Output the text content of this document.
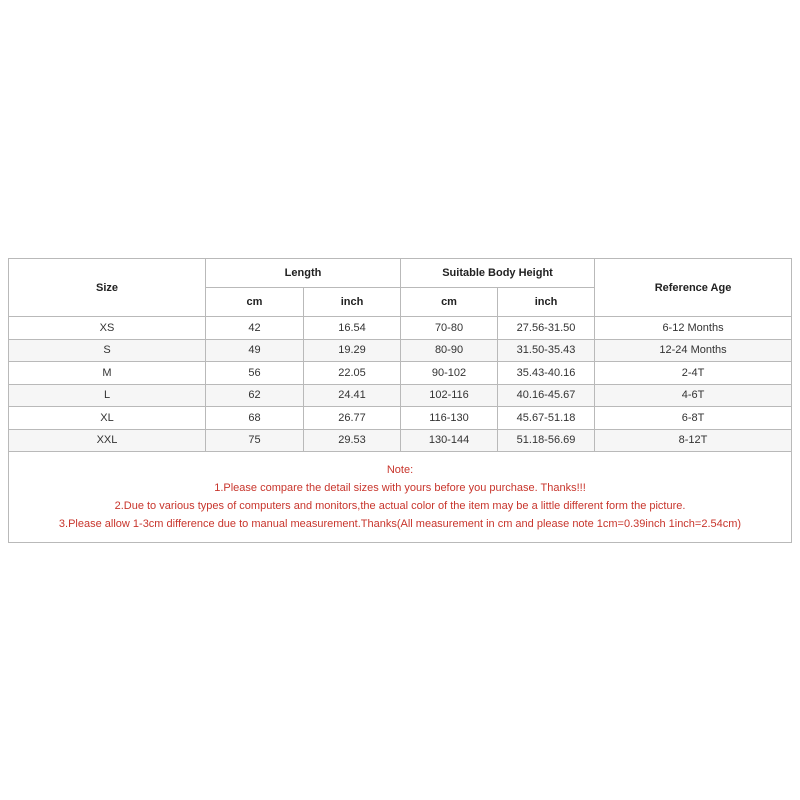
Size	Length		Suitable Body Height		Reference Age
	cm	inch	cm	inch	
XS	42	16.54	70-80	27.56-31.50	6-12 Months
S	49	19.29	80-90	31.50-35.43	12-24 Months
M	56	22.05	90-102	35.43-40.16	2-4T
L	62	24.41	102-116	40.16-45.67	4-6T
XL	68	26.77	116-130	45.67-51.18	6-8T
XXL	75	29.53	130-144	51.18-56.69	8-12T

Note:
1.Please compare the detail sizes with yours before you purchase. Thanks!!!
2.Due to various types of computers and monitors,the actual color of the item may be a little different form the picture.
3.Please allow 1-3cm difference due to manual measurement.Thanks(All measurement in cm and please note 1cm=0.39inch 1inch=2.54cm)					
